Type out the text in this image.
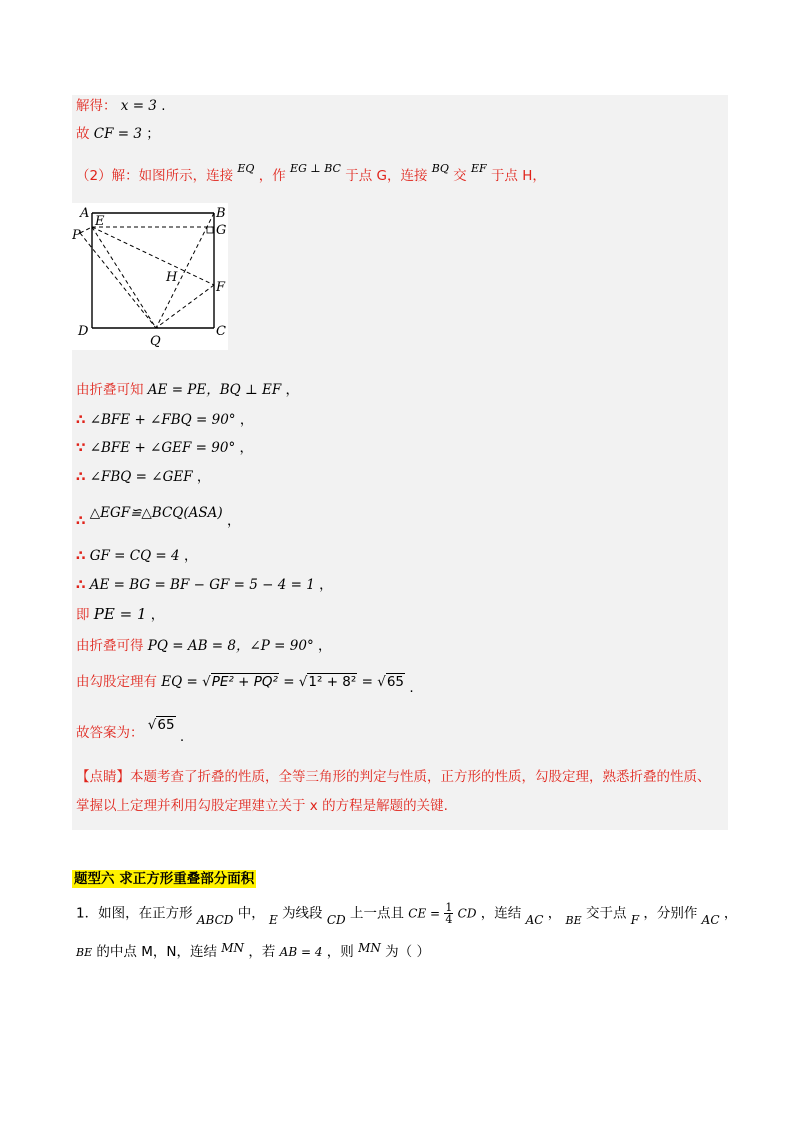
解得： x = 3 .
故 CF = 3 ；
（2）解：如图所示，连接 $^{EQ}$ ，作 $^{EG \perp BC}$ 于点 G，连接 $^{BQ}$ 交 $^{EF}$ 于点 H，
A	B
E
G
P
H
F
D
Q
C
由折叠可知 AE = PE，BQ ⊥ EF ，
∴ ∠BFE + ∠FBQ = 90° ，
∵ ∠BFE + ∠GEF = 90° ，
∴ ∠FBQ = ∠GEF ，
∴ △EGF≌△BCQ(ASA) ，
∴ GF = CQ = 4 ，
∴ AE = BG = BF − GF = 5 − 4 = 1 ，
即 PE = 1 ，
由折叠可得 PQ = AB = 8，∠P = 90° ，
由勾股定理有 EQ = √PE² + PQ² = √1² + 8² = √65 .
故答案为： √65 .
【点睛】本题考查了折叠的性质，全等三角形的判定与性质，正方形的性质，勾股定理，熟悉折叠的性质、
掌握以上定理并利用勾股定理建立关于 x 的方程是解题的关键.
题型六 求正方形重叠部分面积
1．如图，在正方形 ABCD 中， E 为线段 CD 上一点且 CE = $\frac{1}{4}$ CD ，连结 AC ， $_{BE}$ 交于点 F ，分别作 AC ，
BE 的中点 M，N，连结 MN ，若 AB = 4 ，则 MN 为（ ）
